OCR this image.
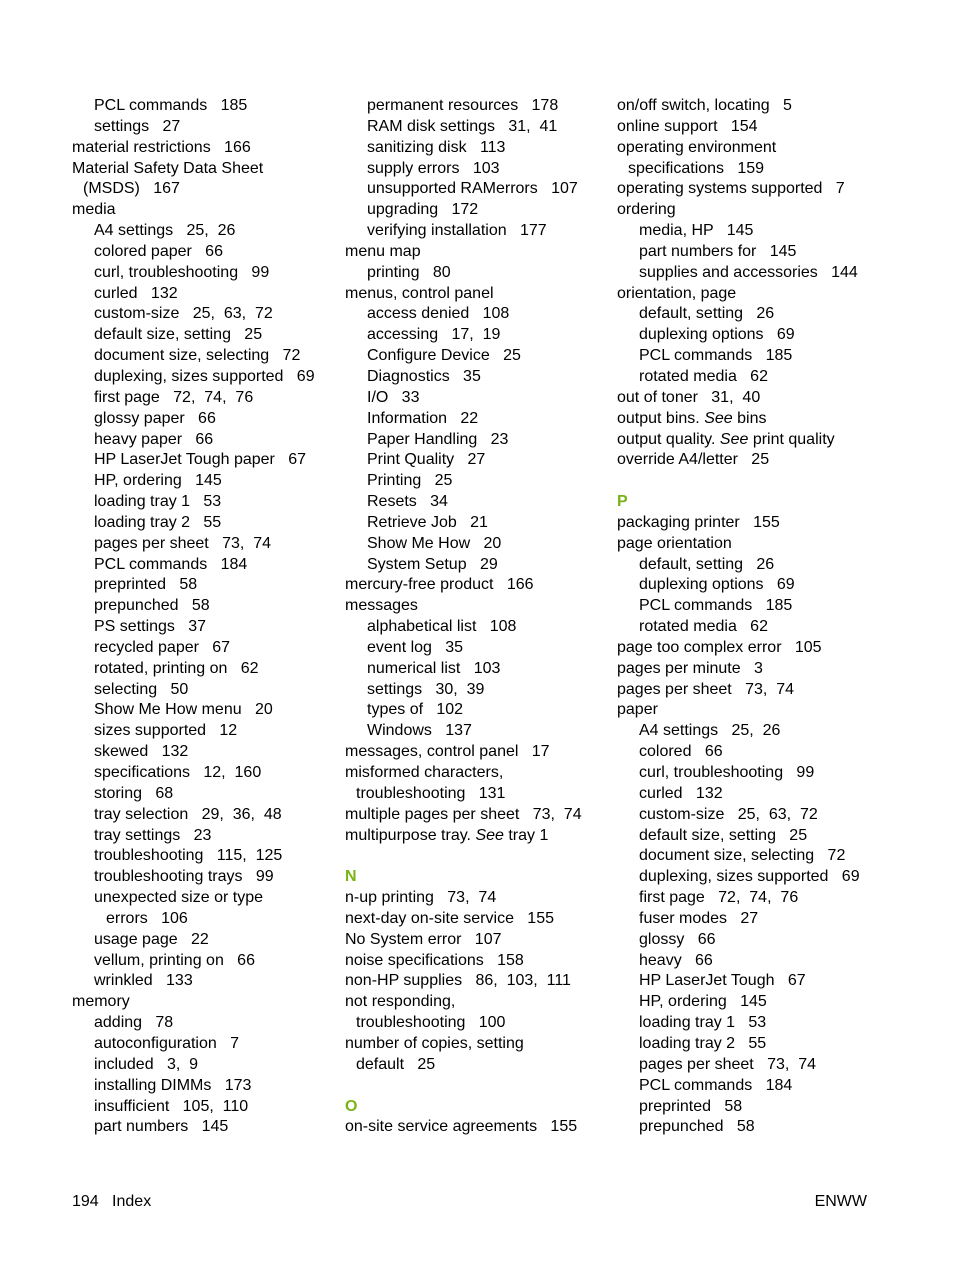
PCL commands   185
settings   27
material restrictions   166
Material Safety Data Sheet
(MSDS)   167
media
A4 settings   25,  26
colored paper   66
curl, troubleshooting   99
curled   132
custom-size   25,  63,  72
default size, setting   25
document size, selecting   72
duplexing, sizes supported   69
first page   72,  74,  76
glossy paper   66
heavy paper   66
HP LaserJet Tough paper   67
HP, ordering   145
loading tray 1   53
loading tray 2   55
pages per sheet   73,  74
PCL commands   184
preprinted   58
prepunched   58
PS settings   37
recycled paper   67
rotated, printing on   62
selecting   50
Show Me How menu   20
sizes supported   12
skewed   132
specifications   12,  160
storing   68
tray selection   29,  36,  48
tray settings   23
troubleshooting   115,  125
troubleshooting trays   99
unexpected size or type
errors   106
usage page   22
vellum, printing on   66
wrinkled   133
memory
adding   78
autoconfiguration   7
included   3,  9
installing DIMMs   173
insufficient   105,  110
part numbers   145
permanent resources   178
RAM disk settings   31,  41
sanitizing disk   113
supply errors   103
unsupported RAMerrors   107
upgrading   172
verifying installation   177
menu map
printing   80
menus, control panel
access denied   108
accessing   17,  19
Configure Device   25
Diagnostics   35
I/O   33
Information   22
Paper Handling   23
Print Quality   27
Printing   25
Resets   34
Retrieve Job   21
Show Me How   20
System Setup   29
mercury-free product   166
messages
alphabetical list   108
event log   35
numerical list   103
settings   30,  39
types of   102
Windows   137
messages, control panel   17
misformed characters,
troubleshooting   131
multiple pages per sheet   73,  74
multipurpose tray. See tray 1
N
n-up printing   73,  74
next-day on-site service   155
No System error   107
noise specifications   158
non-HP supplies   86,  103,  111
not responding,
troubleshooting   100
number of copies, setting
default   25
O
on-site service agreements   155
on/off switch, locating   5
online support   154
operating environment
specifications   159
operating systems supported   7
ordering
media, HP   145
part numbers for   145
supplies and accessories   144
orientation, page
default, setting   26
duplexing options   69
PCL commands   185
rotated media   62
out of toner   31,  40
output bins. See bins
output quality. See print quality
override A4/letter   25
P
packaging printer   155
page orientation
default, setting   26
duplexing options   69
PCL commands   185
rotated media   62
page too complex error   105
pages per minute   3
pages per sheet   73,  74
paper
A4 settings   25,  26
colored   66
curl, troubleshooting   99
curled   132
custom-size   25,  63,  72
default size, setting   25
document size, selecting   72
duplexing, sizes supported   69
first page   72,  74,  76
fuser modes   27
glossy   66
heavy   66
HP LaserJet Tough   67
HP, ordering   145
loading tray 1   53
loading tray 2   55
pages per sheet   73,  74
PCL commands   184
preprinted   58
prepunched   58
194 Index	ENWW
